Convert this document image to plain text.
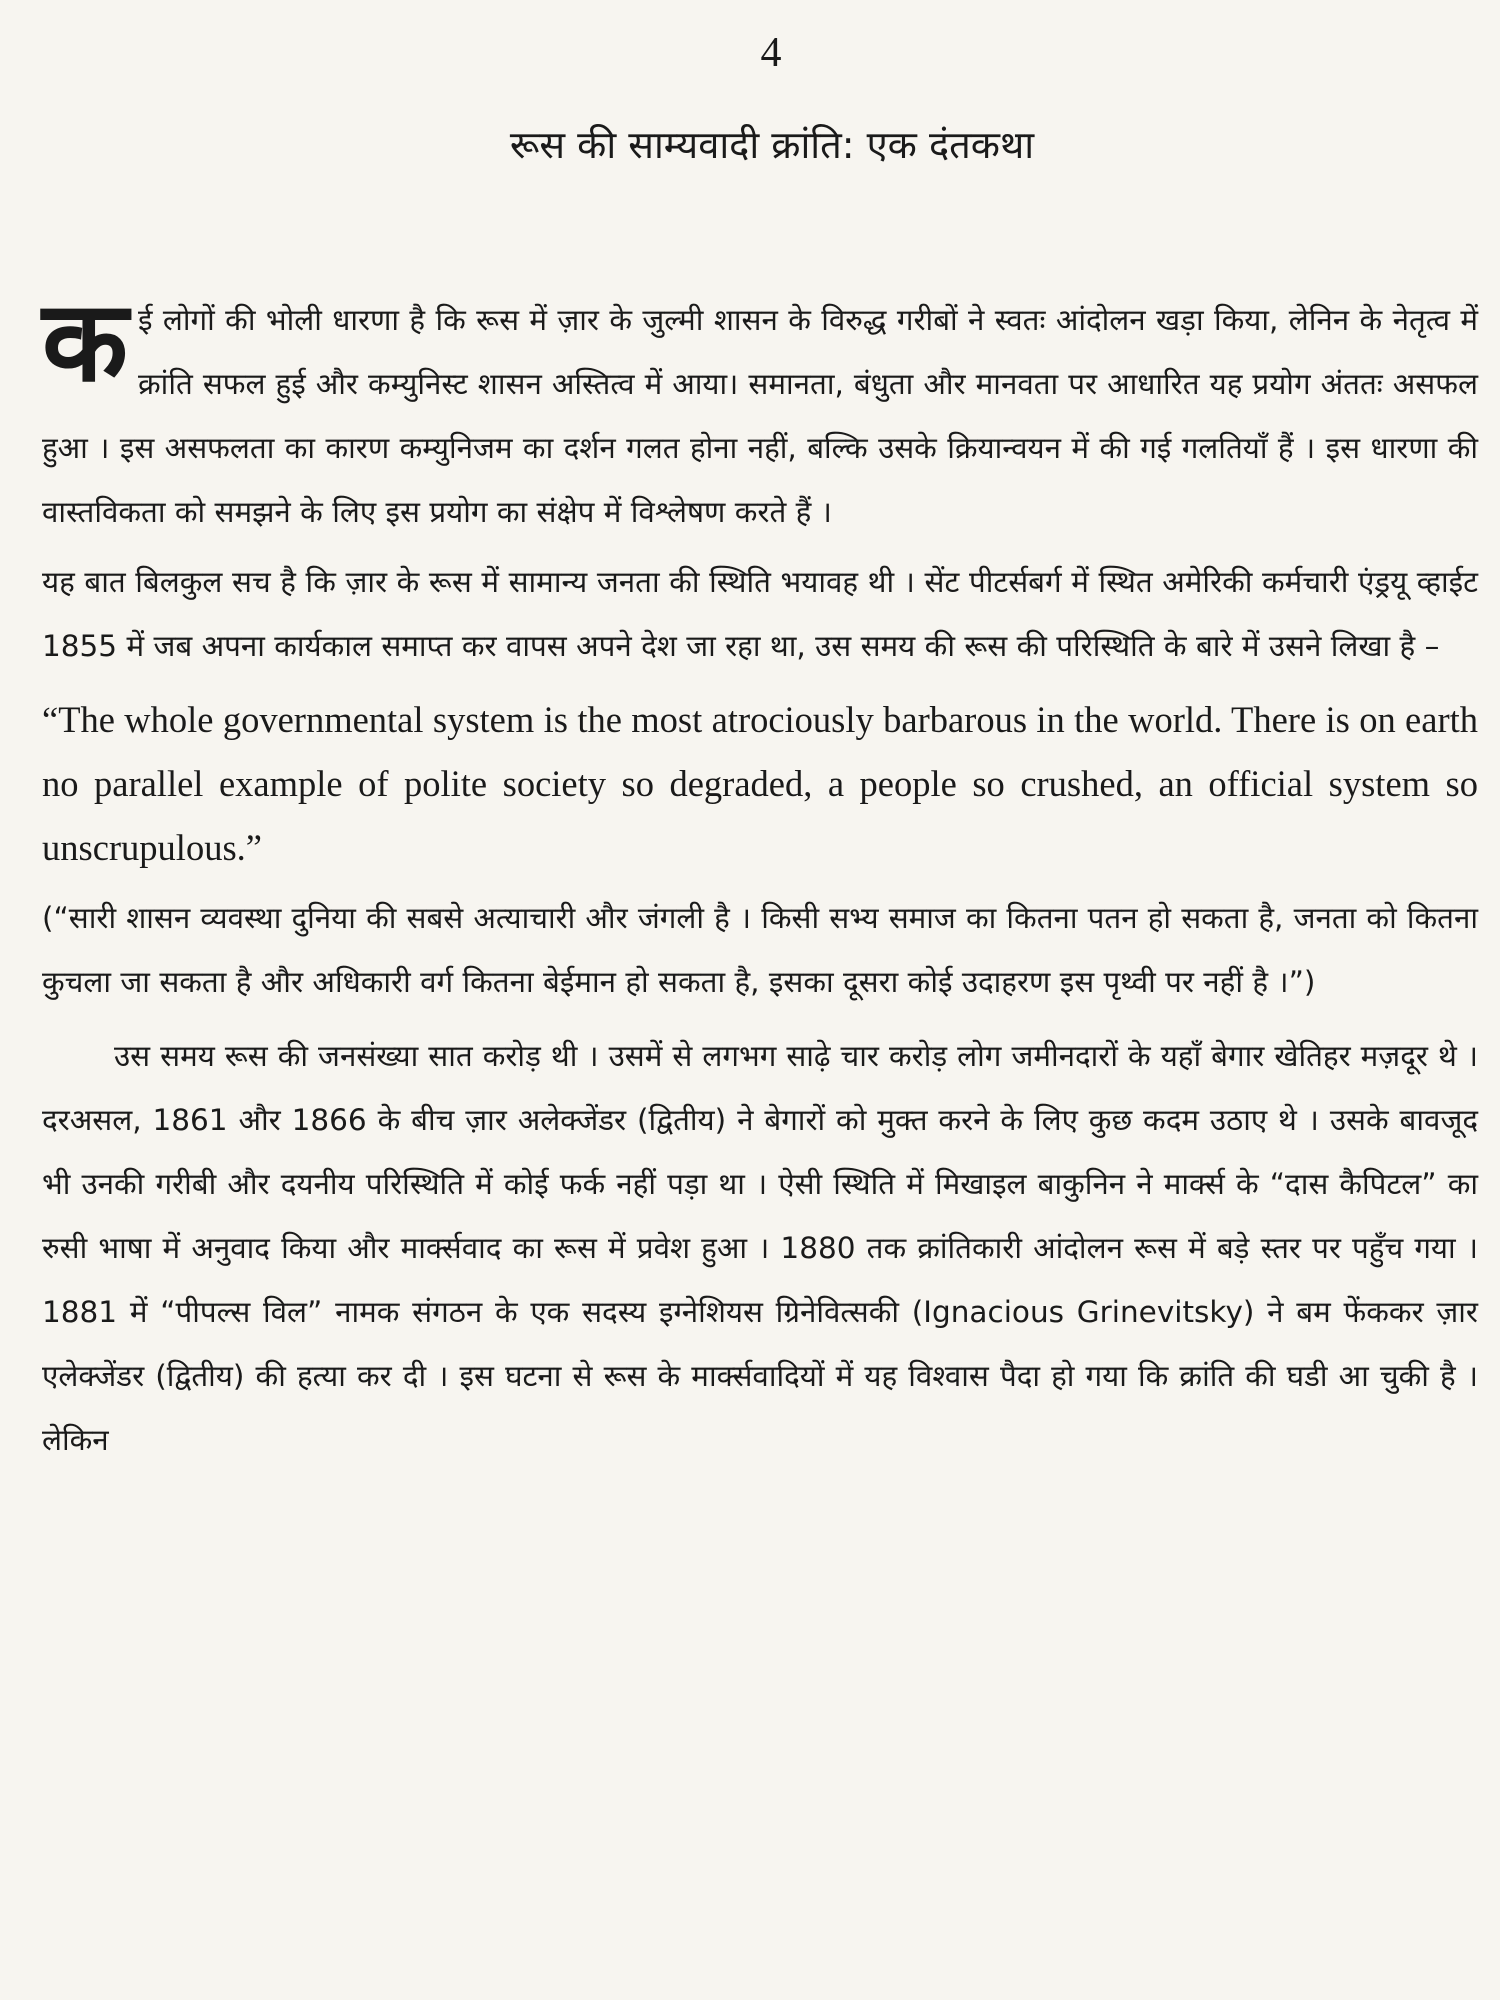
4
रूस की साम्यवादी क्रांति: एक दंतकथा

कई लोगों की भोली धारणा है कि रूस में ज़ार के जुल्मी शासन के विरुद्ध गरीबों ने स्वतः आंदोलन खड़ा किया, लेनिन के नेतृत्व में क्रांति सफल हुई और कम्युनिस्ट शासन अस्तित्व में आया। समानता, बंधुता और मानवता पर आधारित यह प्रयोग अंततः असफल हुआ । इस असफलता का कारण कम्युनिजम का दर्शन गलत होना नहीं, बल्कि उसके क्रियान्वयन में की गई गलतियाँ हैं । इस धारणा की वास्तविकता को समझने के लिए इस प्रयोग का संक्षेप में विश्लेषण करते हैं ।

यह बात बिलकुल सच है कि ज़ार के रूस में सामान्य जनता की स्थिति भयावह थी । सेंट पीटर्सबर्ग में स्थित अमेरिकी कर्मचारी एंड्रयू व्हाईट 1855 में जब अपना कार्यकाल समाप्त कर वापस अपने देश जा रहा था, उस समय की रूस की परिस्थिति के बारे में उसने लिखा है –

“The whole governmental system is the most atrociously barbarous in the world. There is on earth no parallel example of polite society so degraded, a people so crushed, an official system so unscrupulous.”

(“सारी शासन व्यवस्था दुनिया की सबसे अत्याचारी और जंगली है । किसी सभ्य समाज का कितना पतन हो सकता है, जनता को कितना कुचला जा सकता है और अधिकारी वर्ग कितना बेईमान हो सकता है, इसका दूसरा कोई उदाहरण इस पृथ्वी पर नहीं है ।”)

उस समय रूस की जनसंख्या सात करोड़ थी । उसमें से लगभग साढ़े चार करोड़ लोग जमीनदारों के यहाँ बेगार खेतिहर मज़दूर थे । दरअसल, 1861 और 1866 के बीच ज़ार अलेक्जेंडर (द्वितीय) ने बेगारों को मुक्त करने के लिए कुछ कदम उठाए थे । उसके बावजूद भी उनकी गरीबी और दयनीय परिस्थिति में कोई फर्क नहीं पड़ा था । ऐसी स्थिति में मिखाइल बाकुनिन ने मार्क्स के “दास कैपिटल” का रुसी भाषा में अनुवाद किया और मार्क्सवाद का रूस में प्रवेश हुआ । 1880 तक क्रांतिकारी आंदोलन रूस में बड़े स्तर पर पहुँच गया । 1881 में “पीपल्स विल” नामक संगठन के एक सदस्य इग्नेशियस ग्रिनेवित्सकी (Ignacious Grinevitsky) ने बम फेंककर ज़ार एलेक्जेंडर (द्वितीय) की हत्या कर दी । इस घटना से रूस के मार्क्सवादियों में यह विश्वास पैदा हो गया कि क्रांति की घडी आ चुकी है । लेकिन
